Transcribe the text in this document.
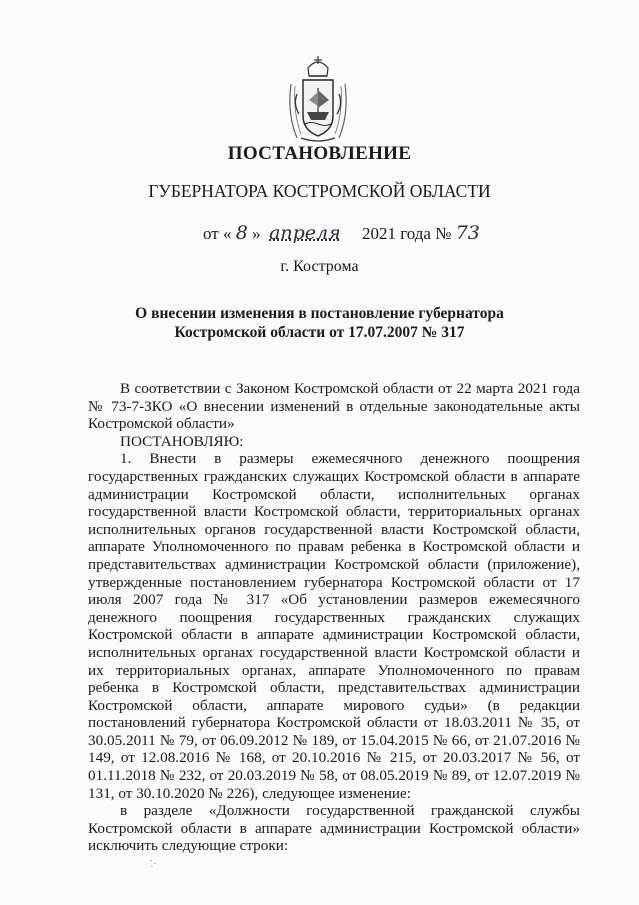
ПОСТАНОВЛЕНИЕ
ГУБЕРНАТОРА КОСТРОМСКОЙ ОБЛАСТИ
от « 8 » апреля 2021 года № 73
г. Кострома
О внесении изменения в постановление губернатора
Костромской области от 17.07.2007 № 317

В соответствии с Законом Костромской области от 22 марта 2021 года № 73-7-ЗКО «О внесении изменений в отдельные законодательные акты Костромской области»

ПОСТАНОВЛЯЮ:

1. Внести в размеры ежемесячного денежного поощрения государственных гражданских служащих Костромской области в аппарате администрации Костромской области, исполнительных органах государственной власти Костромской области, территориальных органах исполнительных органов государственной власти Костромской области, аппарате Уполномоченного по правам ребенка в Костромской области и представительствах администрации Костромской области (приложение), утвержденные постановлением губернатора Костромской области от 17 июля 2007 года № 317 «Об установлении размеров ежемесячного денежного поощрения государственных гражданских служащих Костромской области в аппарате администрации Костромской области, исполнительных органах государственной власти Костромской области и их территориальных органах, аппарате Уполномоченного по правам ребенка в Костромской области, представительствах администрации Костромской области, аппарате мирового судьи» (в редакции постановлений губернатора Костромской области от 18.03.2011 № 35, от 30.05.2011 № 79, от 06.09.2012 № 189, от 15.04.2015 № 66, от 21.07.2016 № 149, от 12.08.2016 № 168, от 20.10.2016 № 215, от 20.03.2017 № 56, от 01.11.2018 № 232, от 20.03.2019 № 58, от 08.05.2019 № 89, от 12.07.2019 № 131, от 30.10.2020 № 226), следующее изменение:

в разделе «Должности государственной гражданской службы Костромской области в аппарате администрации Костромской области» исключить следующие строки:
